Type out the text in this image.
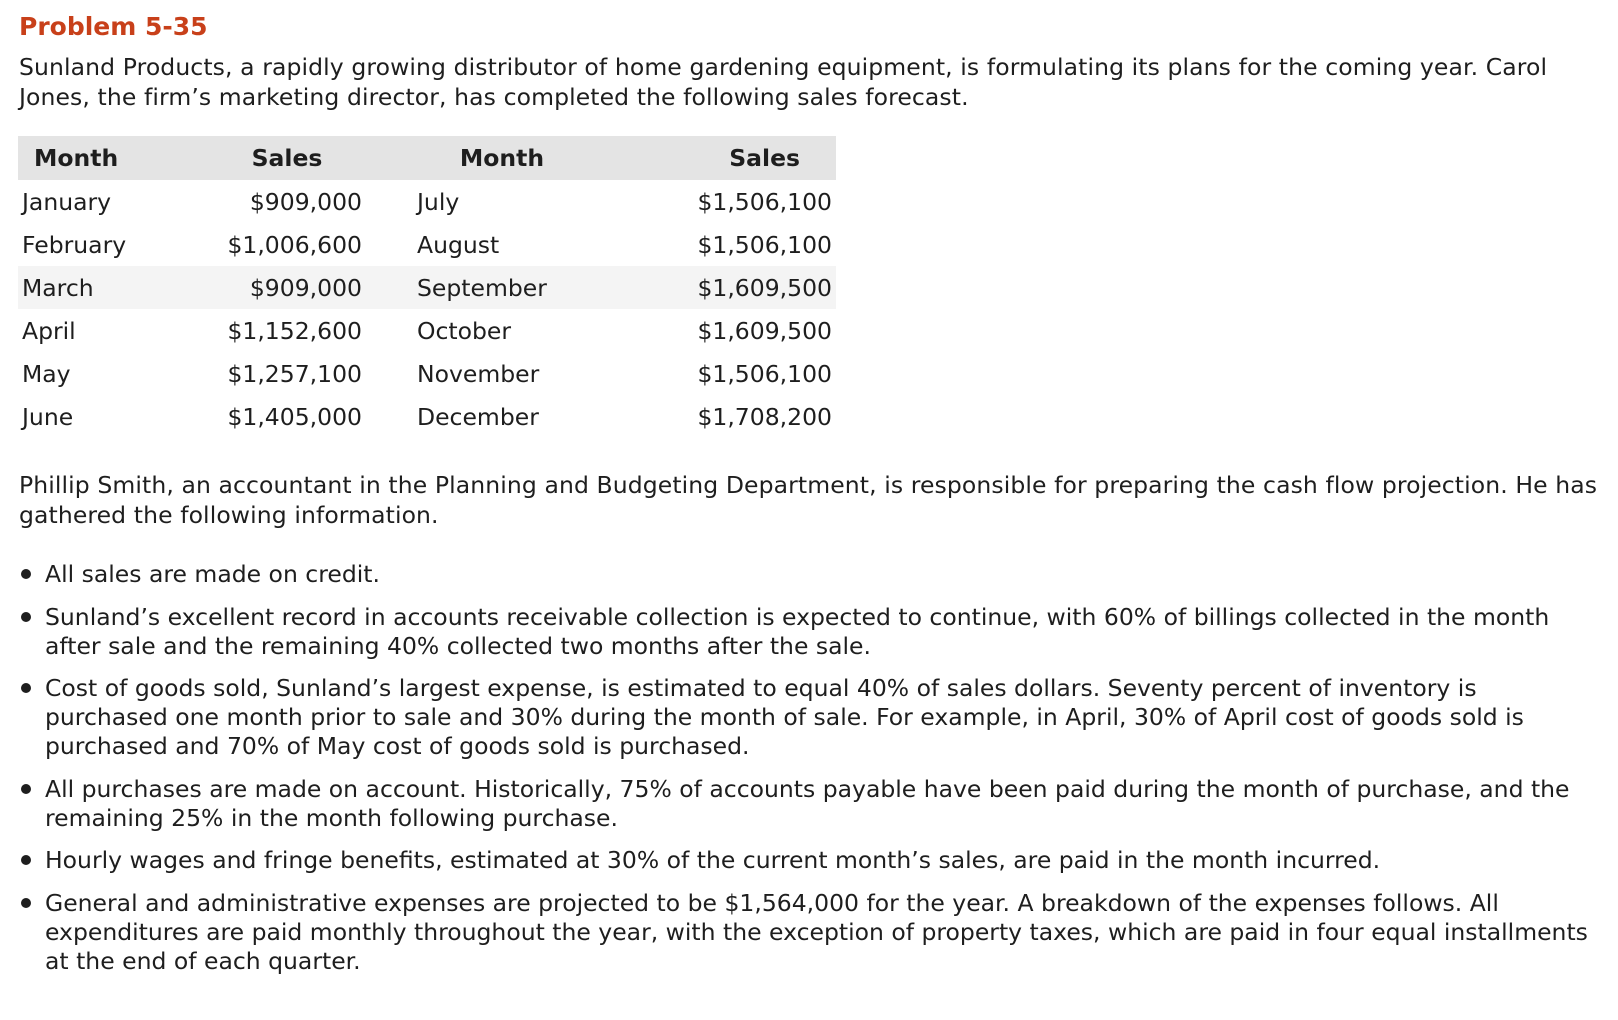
Problem 5-35

Sunland Products, a rapidly growing distributor of home gardening equipment, is formulating its plans for the coming year. Carol Jones, the firm’s marketing director, has completed the following sales forecast.

Month	Sales	Month	Sales
January	$909,000	July	$1,506,100
February	$1,006,600	August	$1,506,100
March	$909,000	September	$1,609,500
April	$1,152,600	October	$1,609,500
May	$1,257,100	November	$1,506,100
June	$1,405,000	December	$1,708,200

Phillip Smith, an accountant in the Planning and Budgeting Department, is responsible for preparing the cash flow projection. He has gathered the following information.

All sales are made on credit.
Sunland’s excellent record in accounts receivable collection is expected to continue, with 60% of billings collected in the month after sale and the remaining 40% collected two months after the sale.
Cost of goods sold, Sunland’s largest expense, is estimated to equal 40% of sales dollars. Seventy percent of inventory is purchased one month prior to sale and 30% during the month of sale. For example, in April, 30% of April cost of goods sold is purchased and 70% of May cost of goods sold is purchased.
All purchases are made on account. Historically, 75% of accounts payable have been paid during the month of purchase, and the remaining 25% in the month following purchase.
Hourly wages and fringe benefits, estimated at 30% of the current month’s sales, are paid in the month incurred.
General and administrative expenses are projected to be $1,564,000 for the year. A breakdown of the expenses follows. All expenditures are paid monthly throughout the year, with the exception of property taxes, which are paid in four equal installments at the end of each quarter.
